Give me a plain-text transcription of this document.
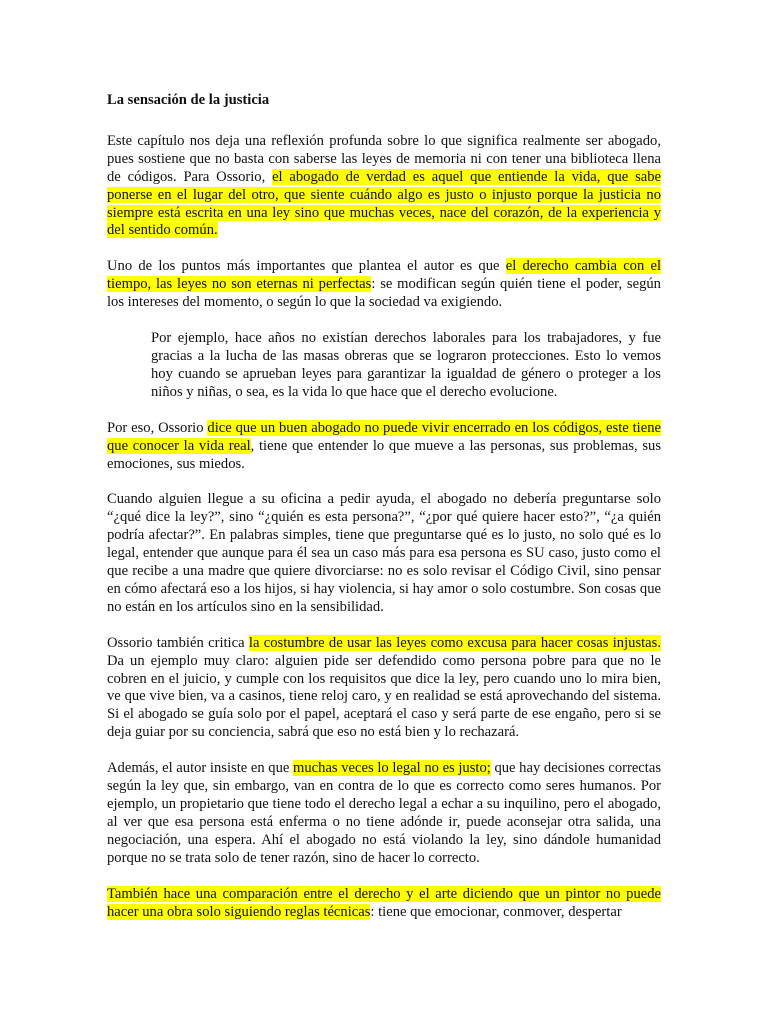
La sensación de la justicia

Este capítulo nos deja una reflexión profunda sobre lo que significa realmente ser abogado, pues sostiene que no basta con saberse las leyes de memoria ni con tener una biblioteca llena de códigos. Para Ossorio, el abogado de verdad es aquel que entiende la vida, que sabe ponerse en el lugar del otro, que siente cuándo algo es justo o injusto porque la justicia no siempre está escrita en una ley sino que muchas veces, nace del corazón, de la experiencia y del sentido común.

Uno de los puntos más importantes que plantea el autor es que el derecho cambia con el tiempo, las leyes no son eternas ni perfectas: se modifican según quién tiene el poder, según los intereses del momento, o según lo que la sociedad va exigiendo.

Por ejemplo, hace años no existían derechos laborales para los trabajadores, y fue gracias a la lucha de las masas obreras que se lograron protecciones. Esto lo vemos hoy cuando se aprueban leyes para garantizar la igualdad de género o proteger a los niños y niñas, o sea, es la vida lo que hace que el derecho evolucione.

Por eso, Ossorio dice que un buen abogado no puede vivir encerrado en los códigos, este tiene que conocer la vida real, tiene que entender lo que mueve a las personas, sus problemas, sus emociones, sus miedos.

Cuando alguien llegue a su oficina a pedir ayuda, el abogado no debería preguntarse solo “¿qué dice la ley?”, sino “¿quién es esta persona?”, “¿por qué quiere hacer esto?”, “¿a quién podría afectar?”. En palabras simples, tiene que preguntarse qué es lo justo, no solo qué es lo legal, entender que aunque para él sea un caso más para esa persona es SU caso, justo como el que recibe a una madre que quiere divorciarse: no es solo revisar el Código Civil, sino pensar en cómo afectará eso a los hijos, si hay violencia, si hay amor o solo costumbre. Son cosas que no están en los artículos sino en la sensibilidad.

Ossorio también critica la costumbre de usar las leyes como excusa para hacer cosas injustas. Da un ejemplo muy claro: alguien pide ser defendido como persona pobre para que no le cobren en el juicio, y cumple con los requisitos que dice la ley, pero cuando uno lo mira bien, ve que vive bien, va a casinos, tiene reloj caro, y en realidad se está aprovechando del sistema. Si el abogado se guía solo por el papel, aceptará el caso y será parte de ese engaño, pero si se deja guiar por su conciencia, sabrá que eso no está bien y lo rechazará.

Además, el autor insiste en que muchas veces lo legal no es justo; que hay decisiones correctas según la ley que, sin embargo, van en contra de lo que es correcto como seres humanos. Por ejemplo, un propietario que tiene todo el derecho legal a echar a su inquilino, pero el abogado, al ver que esa persona está enferma o no tiene adónde ir, puede aconsejar otra salida, una negociación, una espera. Ahí el abogado no está violando la ley, sino dándole humanidad porque no se trata solo de tener razón, sino de hacer lo correcto.

También hace una comparación entre el derecho y el arte diciendo que un pintor no puede hacer una obra solo siguiendo reglas técnicas: tiene que emocionar, conmover, despertar
